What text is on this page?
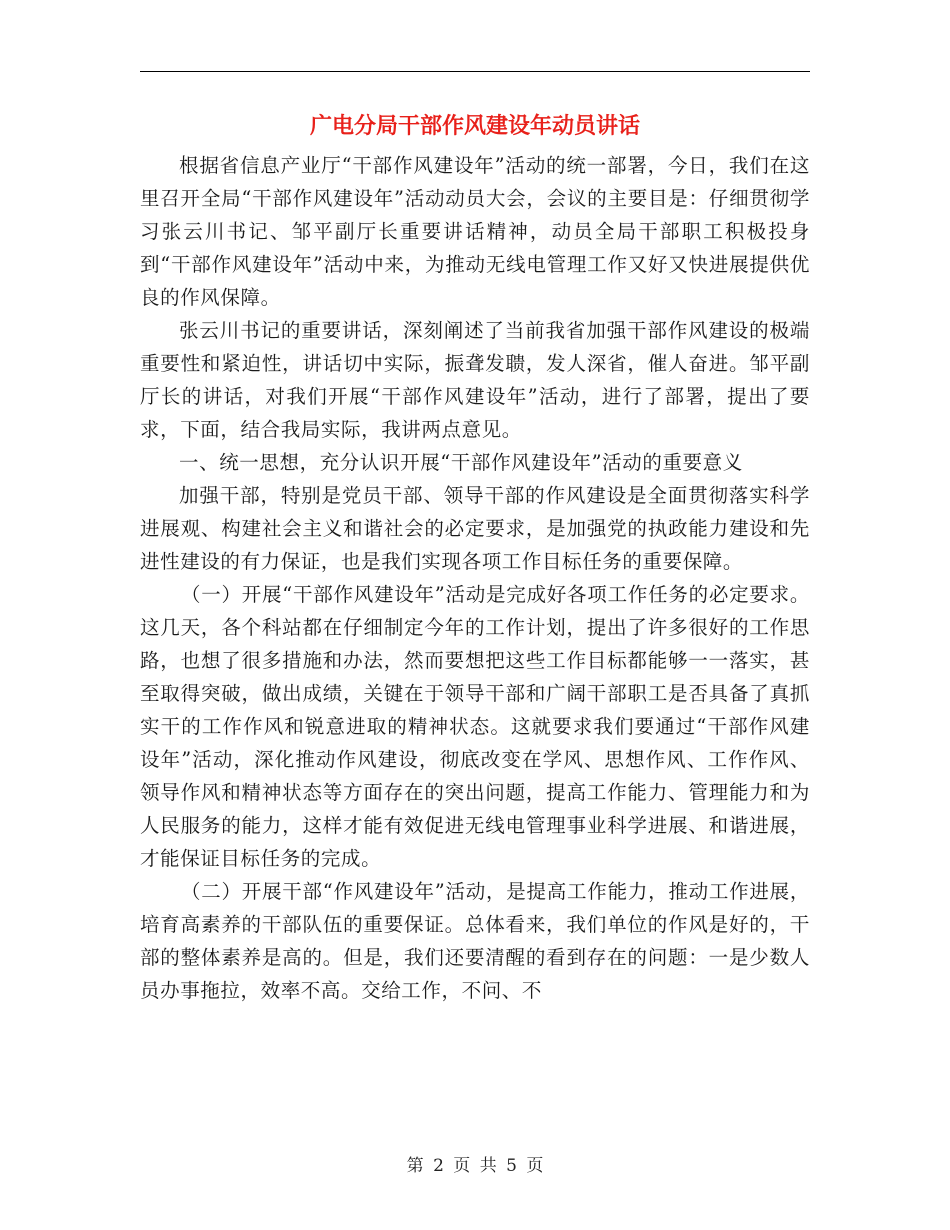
广电分局干部作风建设年动员讲话

根据省信息产业厅“干部作风建设年”活动的统一部署，今日，我们在这里召开全局“干部作风建设年”活动动员大会，会议的主要目是：仔细贯彻学习张云川书记、邹平副厅长重要讲话精神，动员全局干部职工积极投身到“干部作风建设年”活动中来，为推动无线电管理工作又好又快进展提供优良的作风保障。

张云川书记的重要讲话，深刻阐述了当前我省加强干部作风建设的极端重要性和紧迫性，讲话切中实际，振聋发聩，发人深省，催人奋进。邹平副厅长的讲话，对我们开展“干部作风建设年”活动，进行了部署，提出了要求，下面，结合我局实际，我讲两点意见。

一、统一思想，充分认识开展“干部作风建设年”活动的重要意义

加强干部，特别是党员干部、领导干部的作风建设是全面贯彻落实科学进展观、构建社会主义和谐社会的必定要求，是加强党的执政能力建设和先进性建设的有力保证，也是我们实现各项工作目标任务的重要保障。

（一）开展“干部作风建设年”活动是完成好各项工作任务的必定要求。这几天，各个科站都在仔细制定今年的工作计划，提出了许多很好的工作思路，也想了很多措施和办法，然而要想把这些工作目标都能够一一落实，甚至取得突破，做出成绩，关键在于领导干部和广阔干部职工是否具备了真抓实干的工作作风和锐意进取的精神状态。这就要求我们要通过“干部作风建设年”活动，深化推动作风建设，彻底改变在学风、思想作风、工作作风、领导作风和精神状态等方面存在的突出问题，提高工作能力、管理能力和为人民服务的能力，这样才能有效促进无线电管理事业科学进展、和谐进展，才能保证目标任务的完成。

（二）开展干部“作风建设年”活动，是提高工作能力，推动工作进展，培育高素养的干部队伍的重要保证。总体看来，我们单位的作风是好的，干部的整体素养是高的。但是，我们还要清醒的看到存在的问题：一是少数人员办事拖拉，效率不高。交给工作，不问、不

第 2 页 共 5 页
